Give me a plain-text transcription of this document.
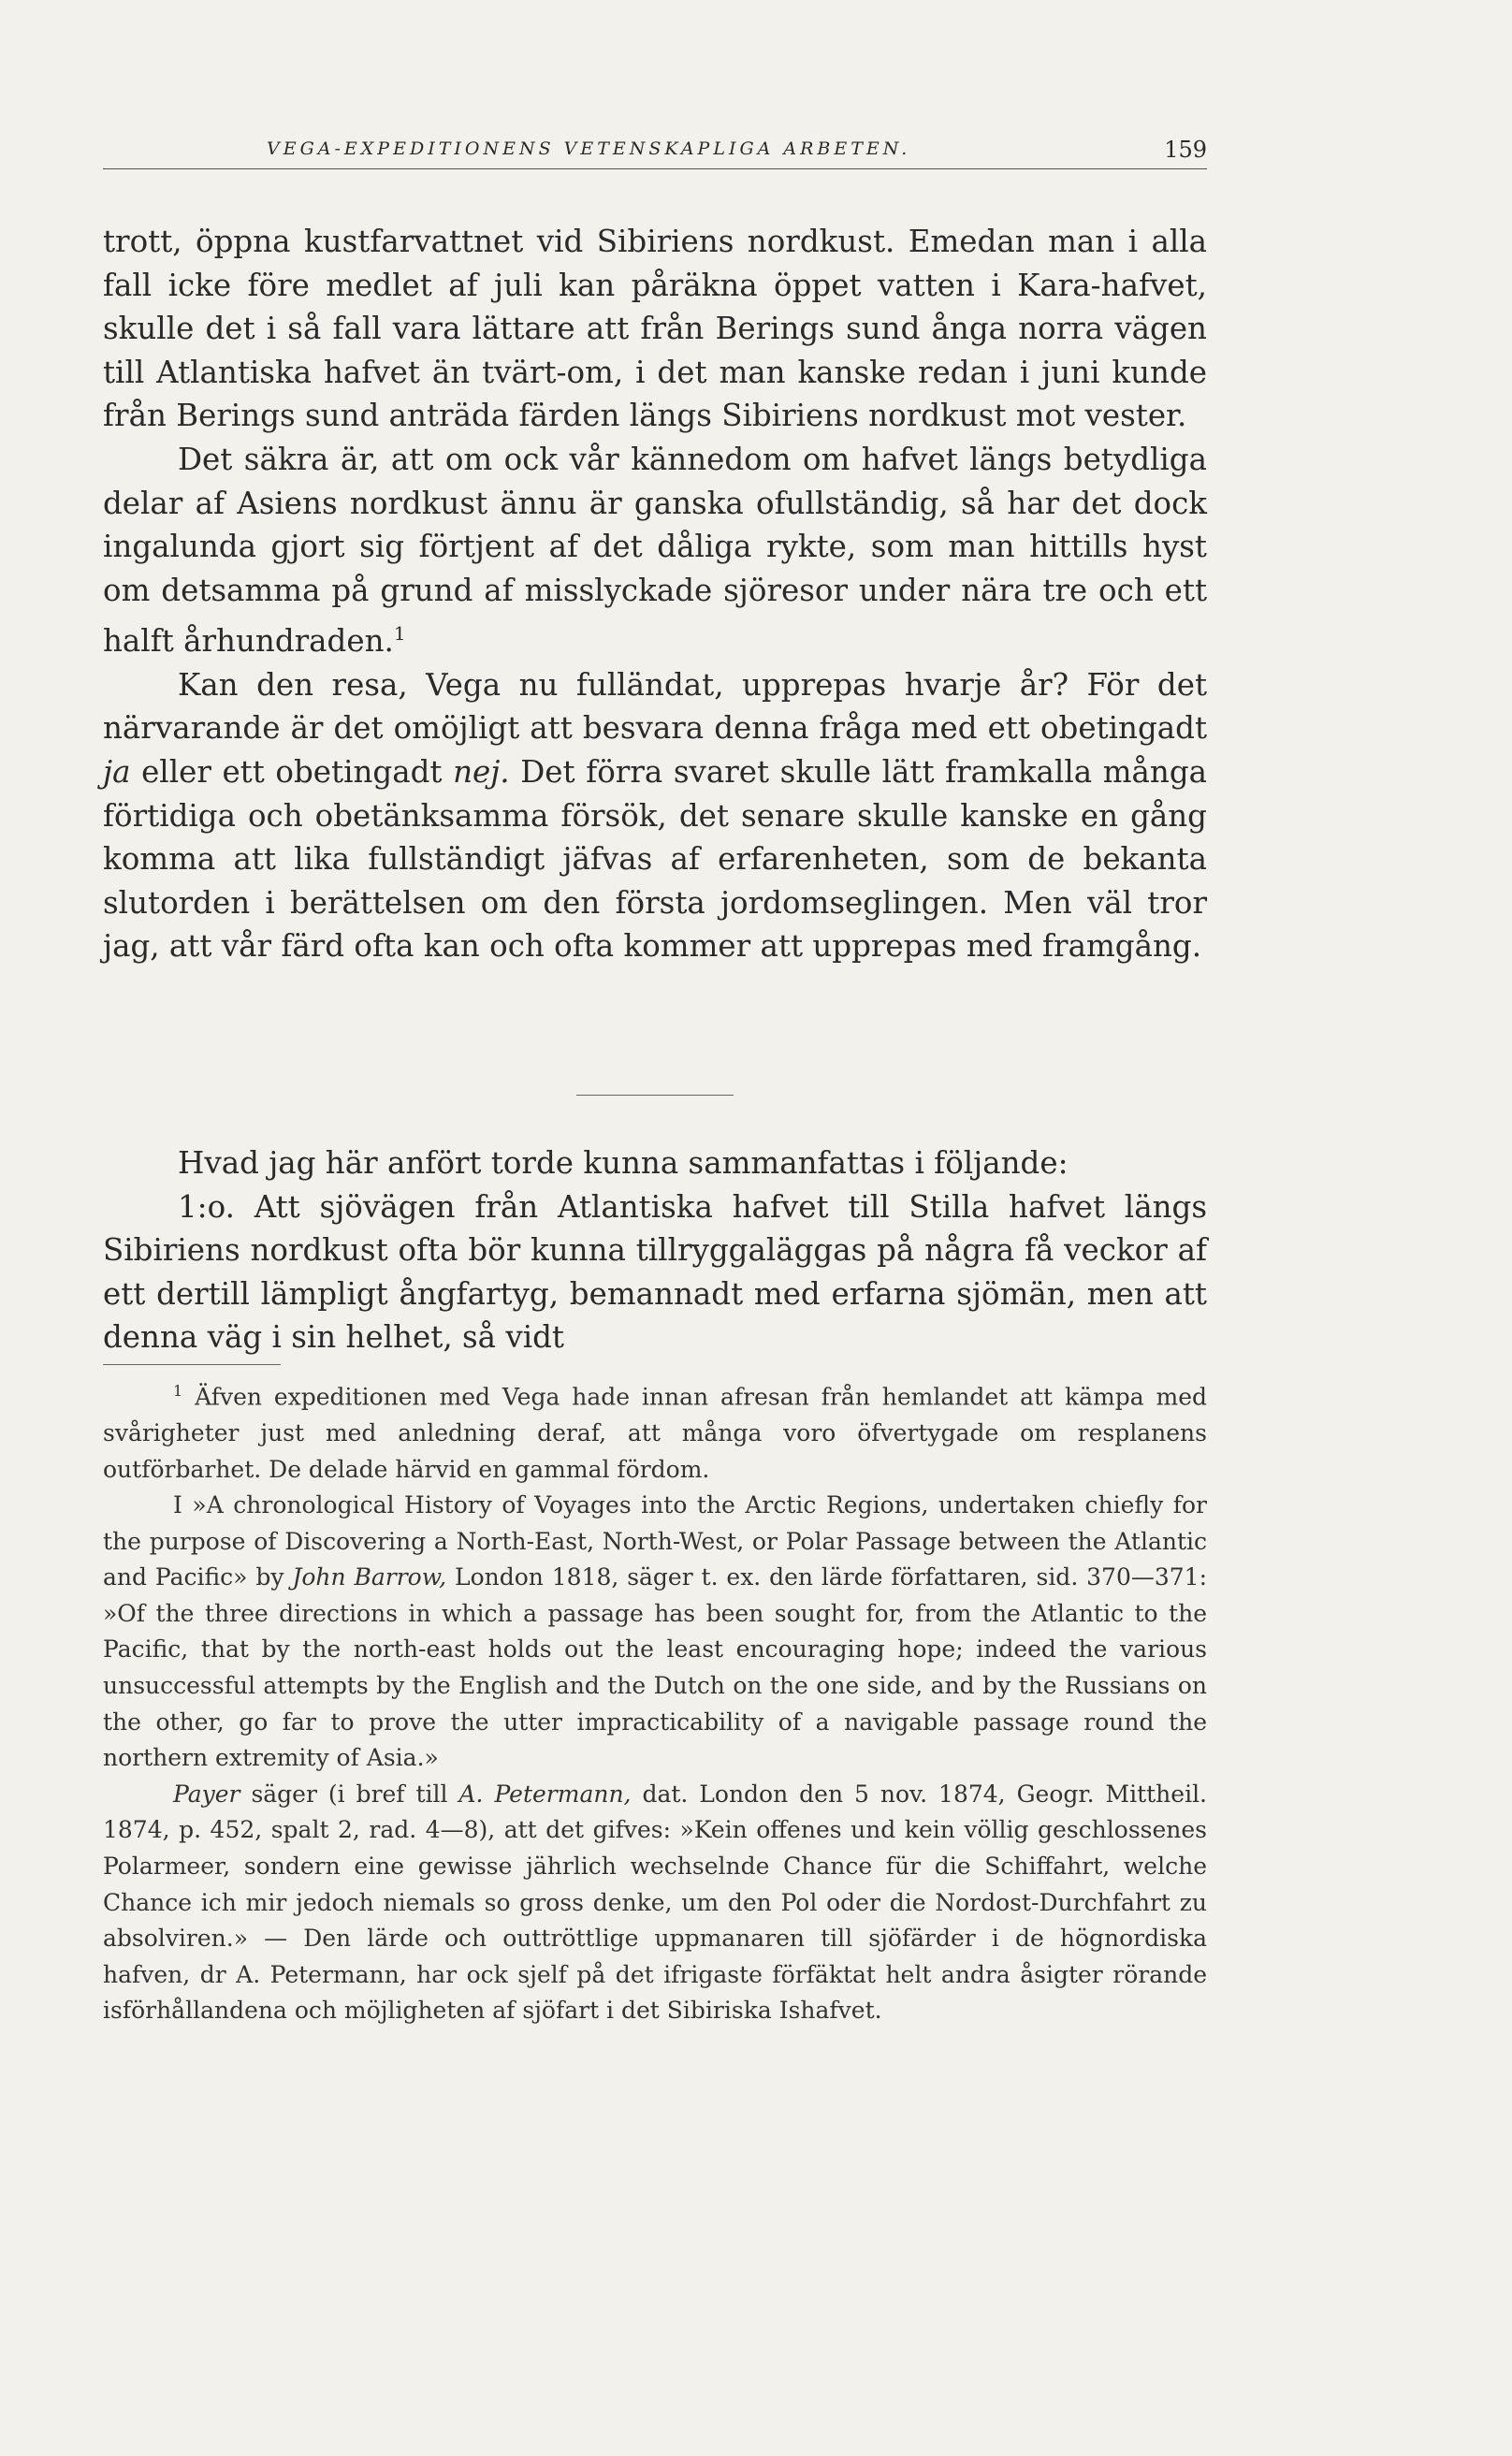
VEGA-EXPEDITIONENS VETENSKAPLIGA ARBETEN.	159

trott, öppna kustfarvattnet vid Sibiriens nordkust. Emedan man i alla fall icke före medlet af juli kan påräkna öppet vatten i Kara-hafvet, skulle det i så fall vara lättare att från Berings sund ånga norra vägen till Atlantiska hafvet än tvärt-om, i det man kanske redan i juni kunde från Berings sund anträda färden längs Sibiriens nordkust mot vester.

Det säkra är, att om ock vår kännedom om hafvet längs betydliga delar af Asiens nordkust ännu är ganska ofullständig, så har det dock ingalunda gjort sig förtjent af det dåliga rykte, som man hittills hyst om detsamma på grund af misslyckade sjöresor under nära tre och ett halft århundraden.$^1$

Kan den resa, Vega nu fulländat, upprepas hvarje år? För det närvarande är det omöjligt att besvara denna fråga med ett obetingadt ja eller ett obetingadt nej. Det förra svaret skulle lätt framkalla många förtidiga och obetänksamma försök, det senare skulle kanske en gång komma att lika fullständigt jäfvas af erfarenheten, som de bekanta slutorden i berättelsen om den första jordomseglingen. Men väl tror jag, att vår färd ofta kan och ofta kommer att upprepas med framgång.

Hvad jag här anfört torde kunna sammanfattas i följande:

1:o. Att sjövägen från Atlantiska hafvet till Stilla hafvet längs Sibiriens nordkust ofta bör kunna tillryggaläggas på några få veckor af ett dertill lämpligt ångfartyg, bemannadt med erfarna sjömän, men att denna väg i sin helhet, så vidt

$^1$ Äfven expeditionen med Vega hade innan afresan från hemlandet att kämpa med svårigheter just med anledning deraf, att många voro öfvertygade om resplanens outförbarhet. De delade härvid en gammal fördom.

I »A chronological History of Voyages into the Arctic Regions, undertaken chiefly for the purpose of Discovering a North-East, North-West, or Polar Passage between the Atlantic and Pacific» by John Barrow, London 1818, säger t. ex. den lärde författaren, sid. 370—371: »Of the three directions in which a passage has been sought for, from the Atlantic to the Pacific, that by the north-east holds out the least encouraging hope; indeed the various unsuccessful attempts by the English and the Dutch on the one side, and by the Russians on the other, go far to prove the utter impracticability of a navigable passage round the northern extremity of Asia.»

Payer säger (i bref till A. Petermann, dat. London den 5 nov. 1874, Geogr. Mittheil. 1874, p. 452, spalt 2, rad. 4—8), att det gifves: »Kein offenes und kein völlig geschlossenes Polarmeer, sondern eine gewisse jährlich wechselnde Chance für die Schiffahrt, welche Chance ich mir jedoch niemals so gross denke, um den Pol oder die Nordost-Durchfahrt zu absolviren.» — Den lärde och outtröttlige uppmanaren till sjöfärder i de högnordiska hafven, dr A. Petermann, har ock sjelf på det ifrigaste förfäktat helt andra åsigter rörande isförhållandena och möjligheten af sjöfart i det Sibiriska Ishafvet.
